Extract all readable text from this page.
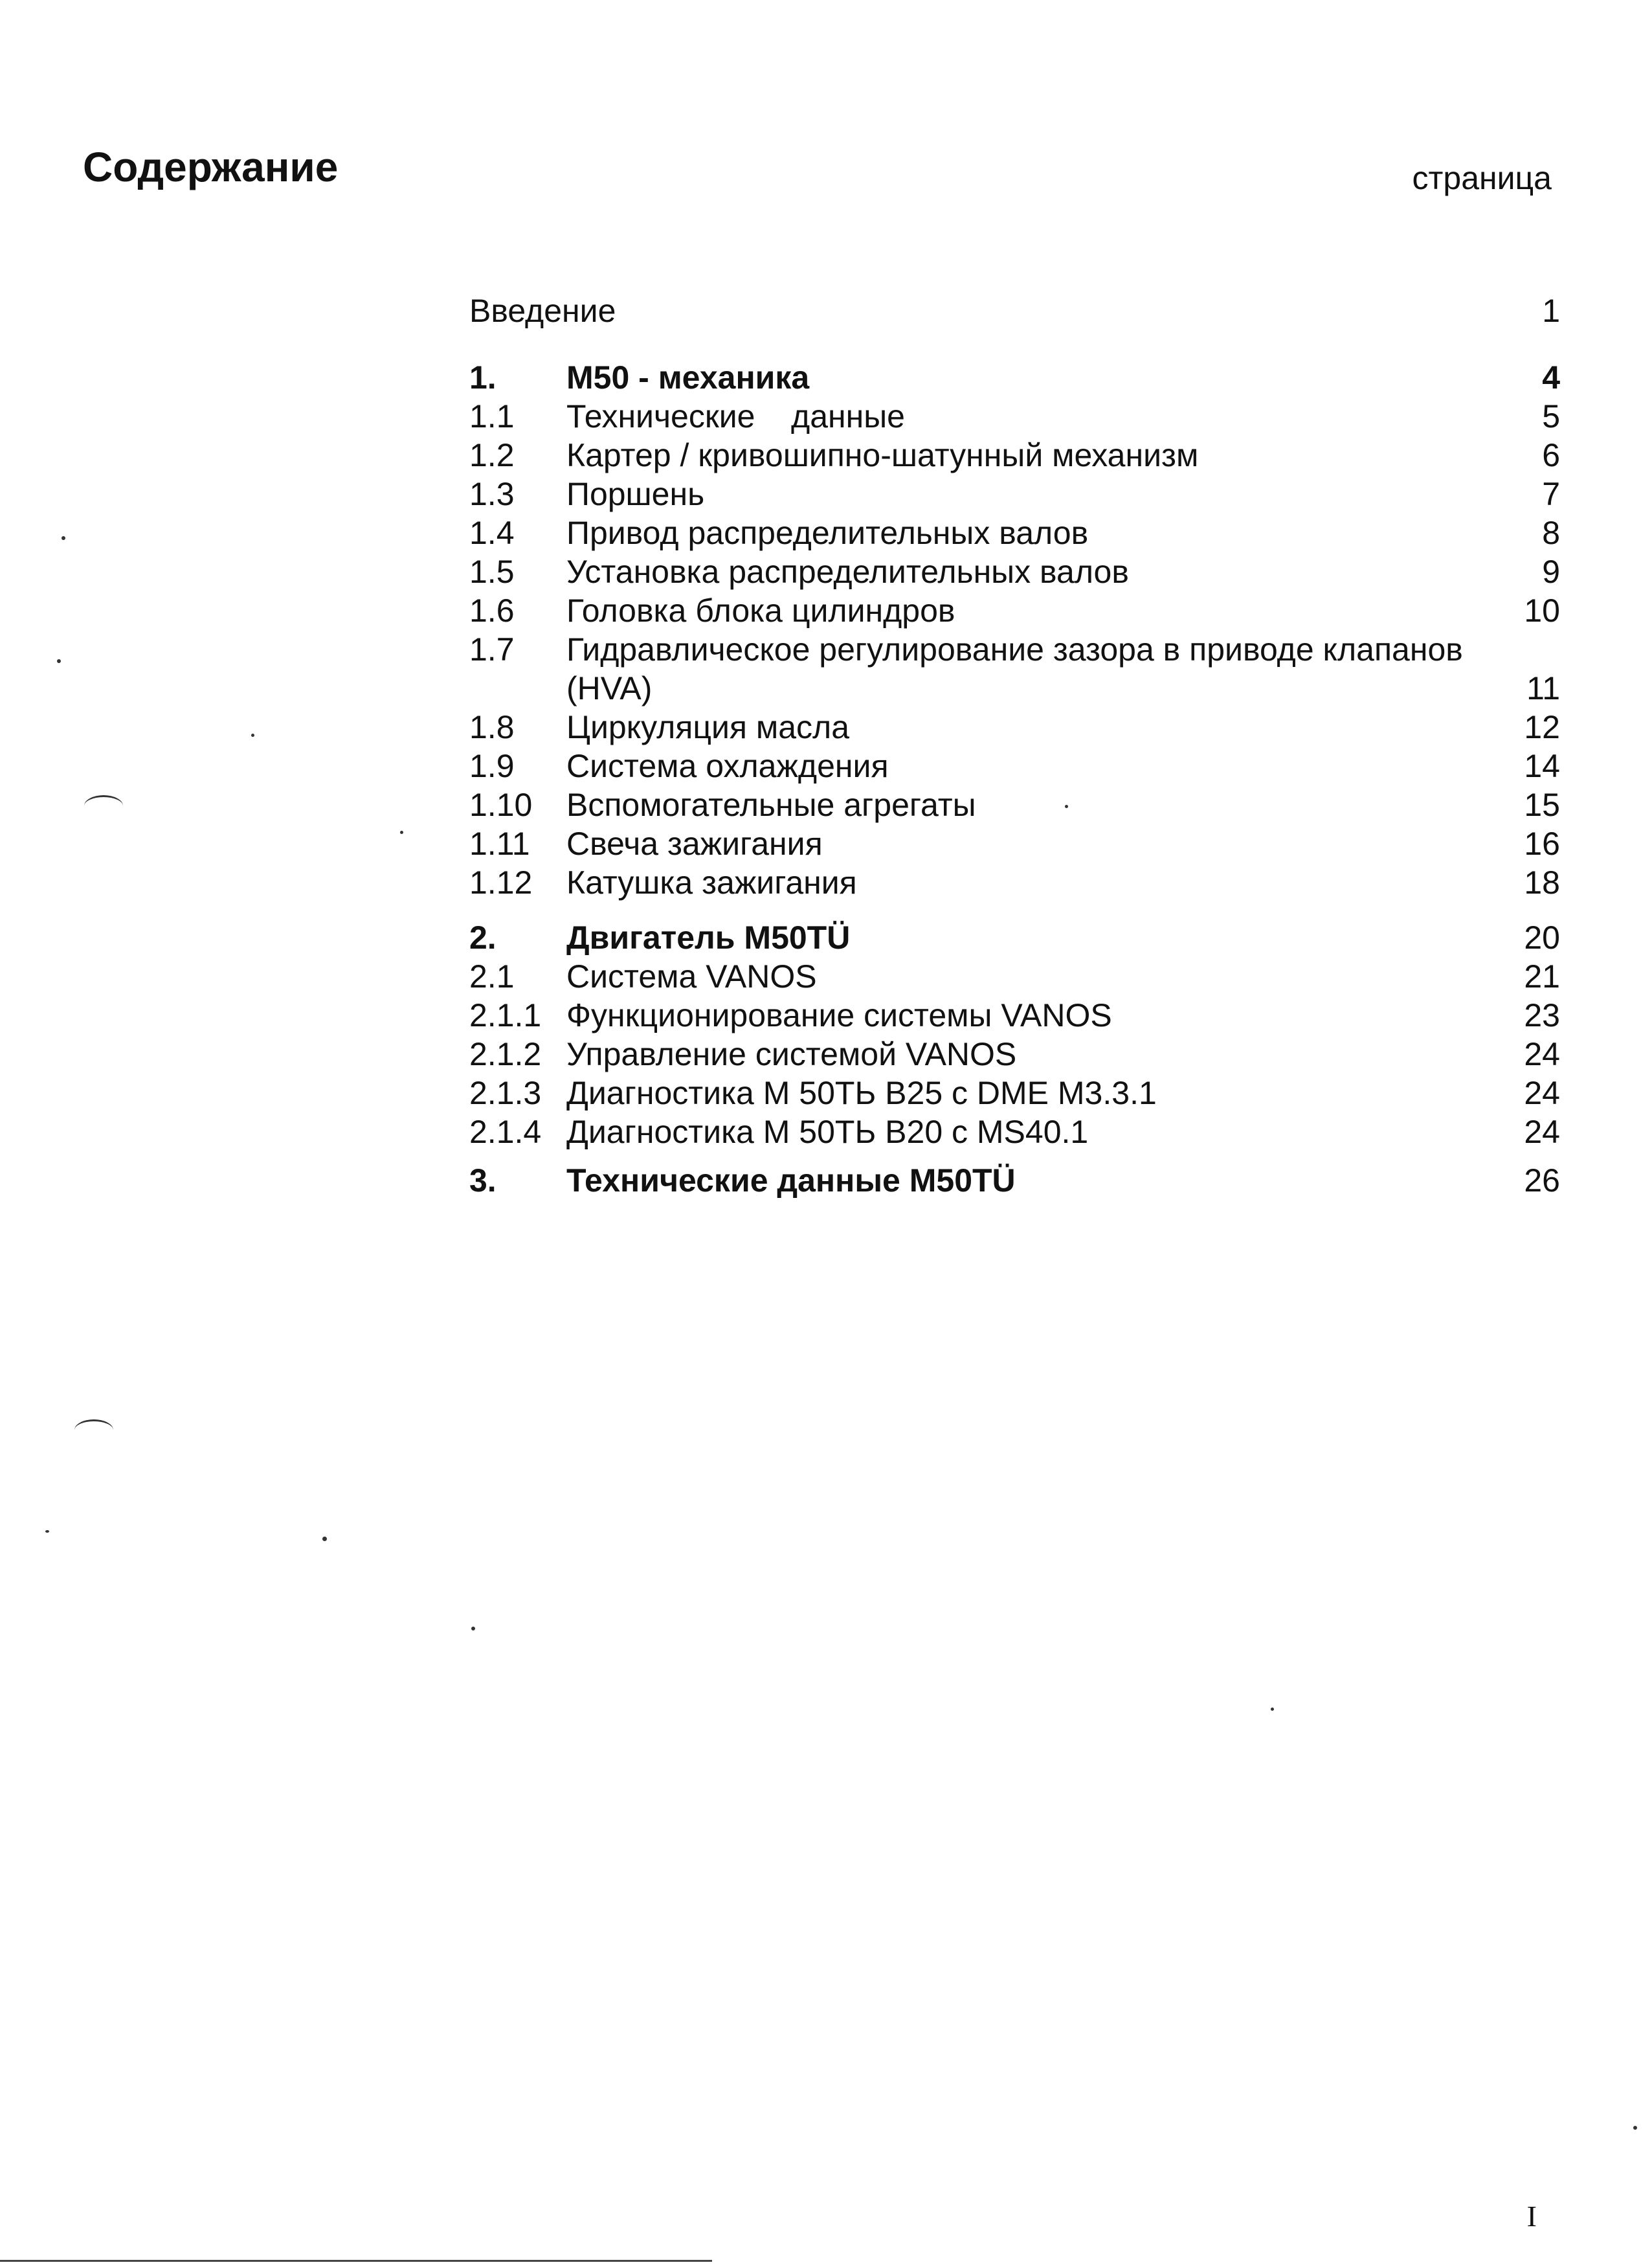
Содержание	страница
Введение	1
1. M50 - механика	4
1.1 Технические    данные	5
1.2 Картер / кривошипно-шатунный механизм	6
1.3 Поршень	7
1.4 Привод распределительных валов	8
1.5 Установка распределительных валов	9
1.6 Головка блока цилиндров	10
1.7 Гидравлическое регулирование зазора в приводе клапанов
(HVA)	11
1.8 Циркуляция масла	12
1.9 Система охлаждения	14
1.10 Вспомогательные агрегаты	15
1.11 Свеча зажигания	16
1.12 Катушка зажигания	18
2. Двигатель M50TÜ	20
2.1 Система VANOS	21
2.1.1 Функционирование системы VANOS	23
2.1.2 Управление системой VANOS	24
2.1.3 Диагностика M 50TЬ B25 с DME M3.3.1	24
2.1.4 Диагностика M 50TЬ B20 с MS40.1	24
3. Технические данные M50TÜ	26
I
